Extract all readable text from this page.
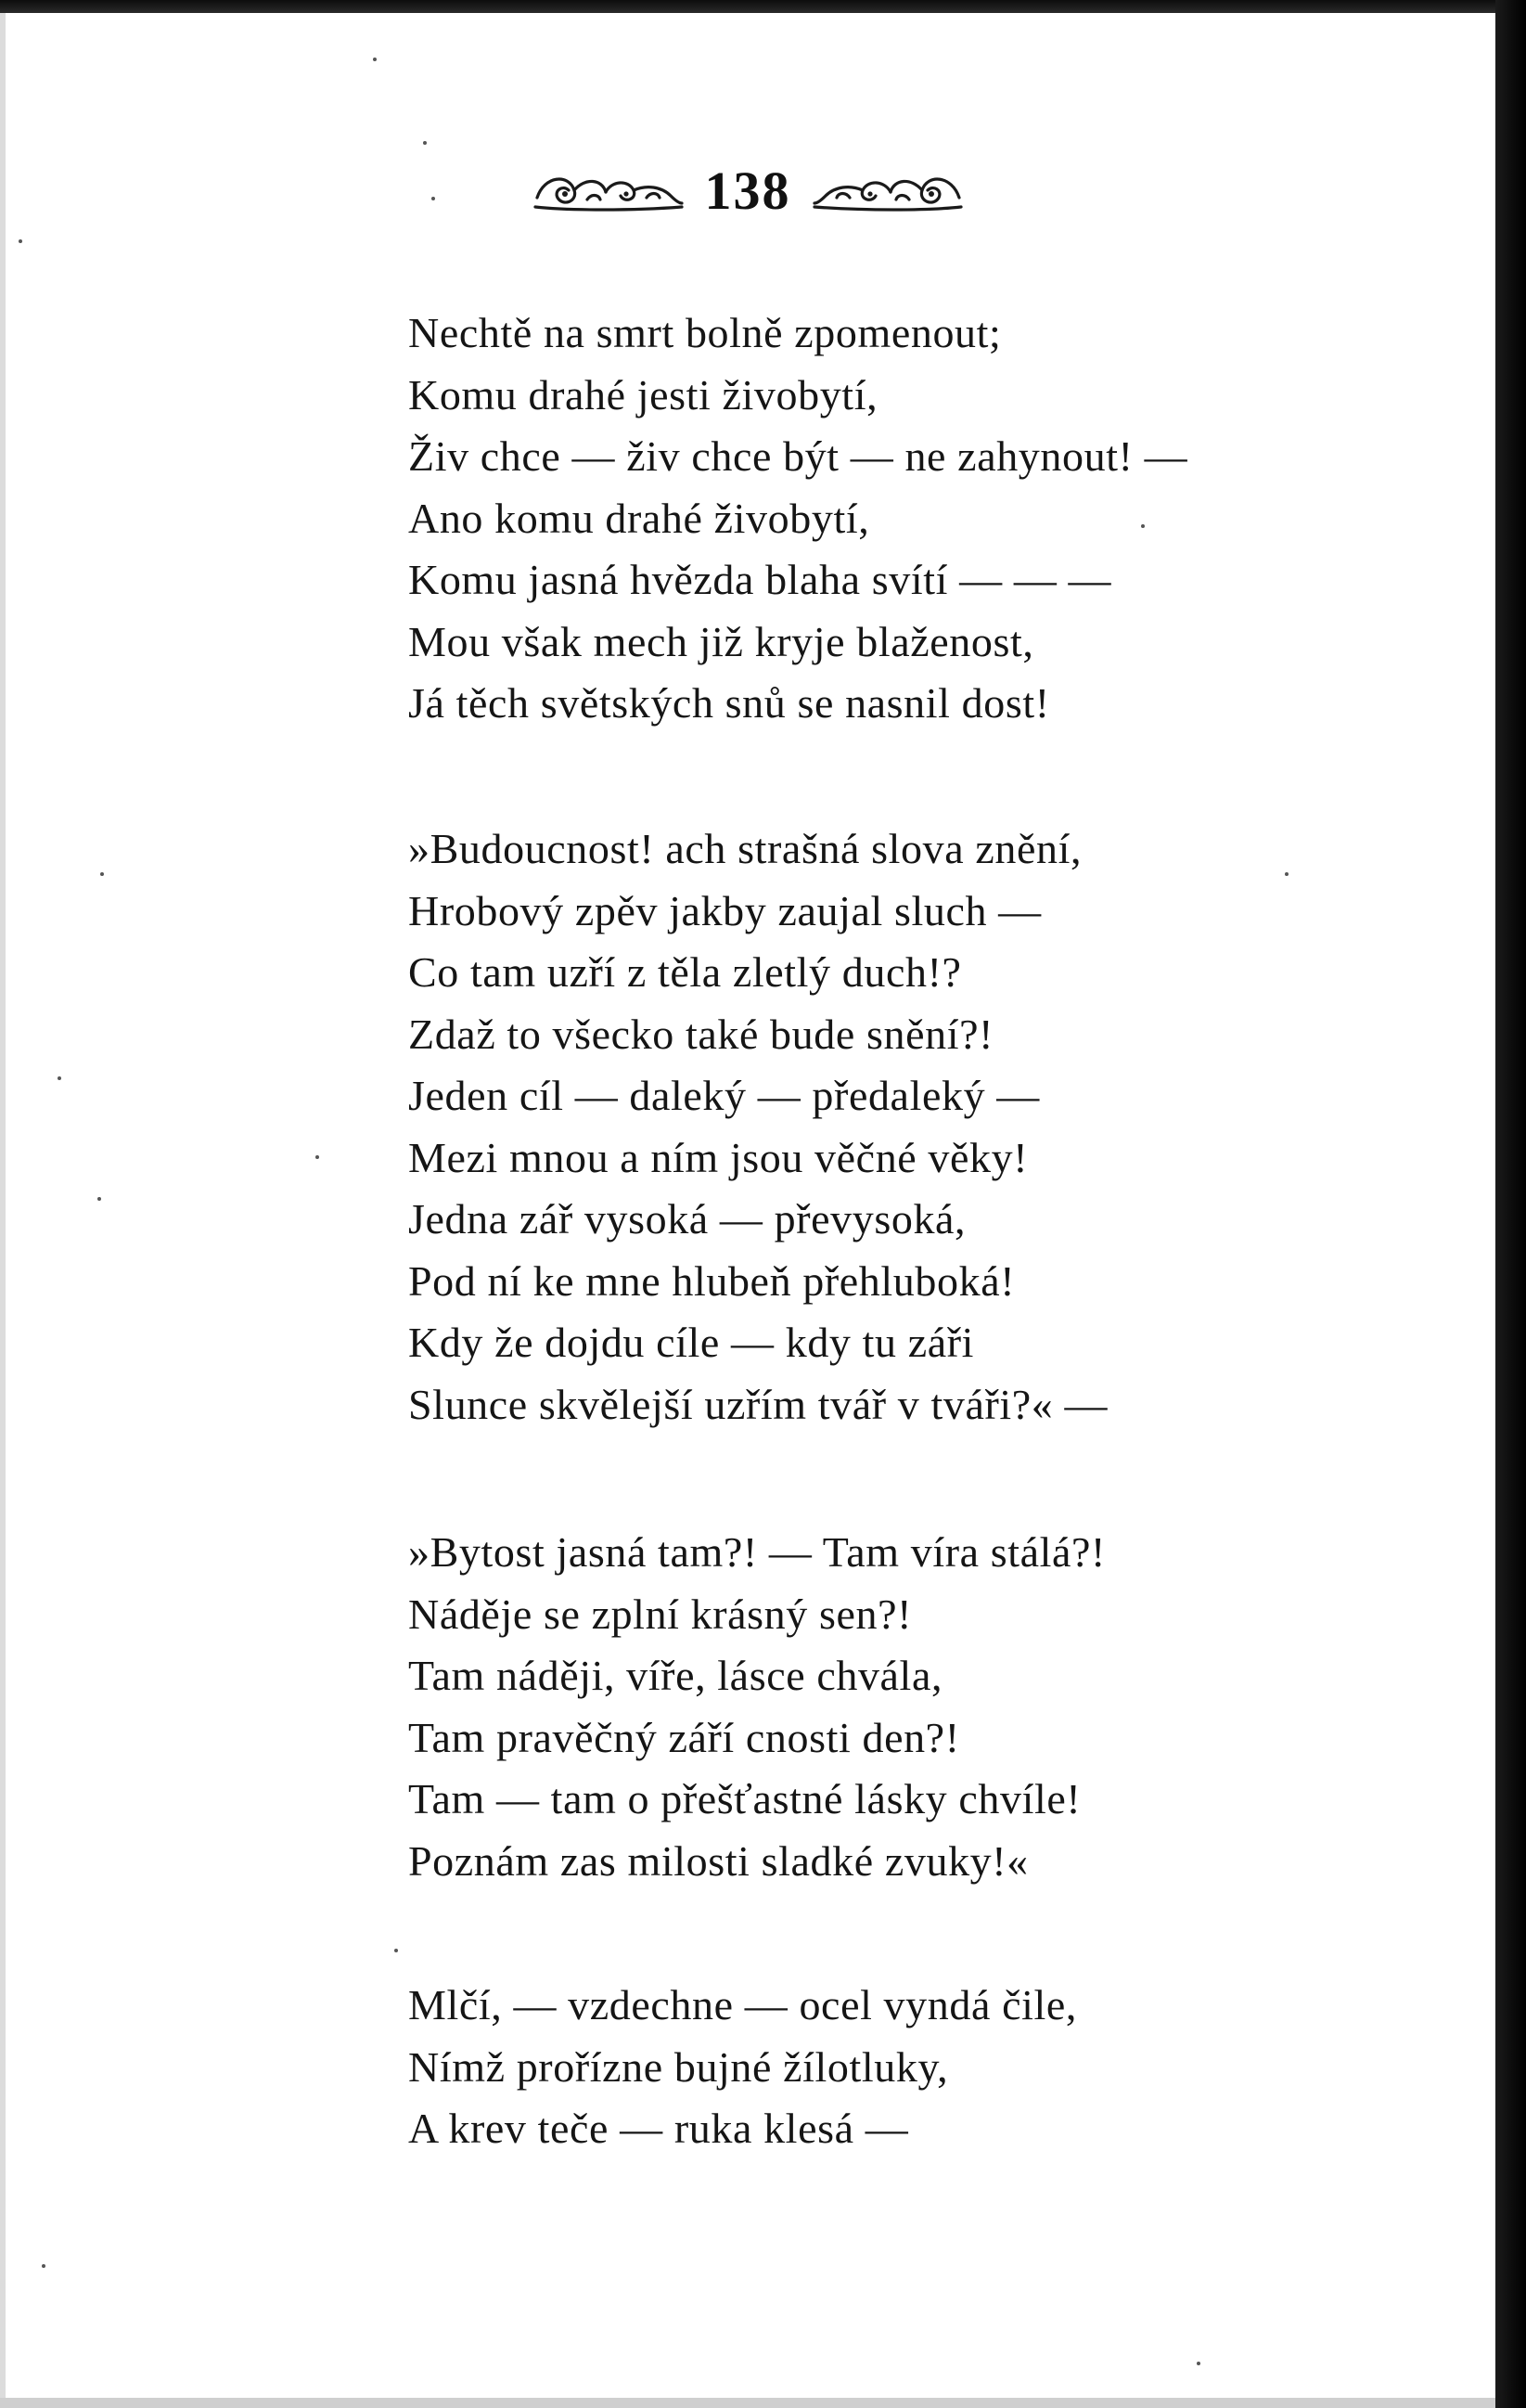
138
Nechtě na smrt bolně zpomenout;
Komu drahé jesti živobytí,
Živ chce — živ chce být — ne zahynout! —
Ano komu drahé živobytí,
Komu jasná hvězda blaha svítí — — —
Mou však mech již kryje blaženost,
Já těch světských snů se nasnil dost!
»Budoucnost! ach strašná slova znění,
Hrobový zpěv jakby zaujal sluch —
Co tam uzří z těla zletlý duch!?
Zdaž to všecko také bude snění?!
Jeden cíl — daleký — předaleký —
Mezi mnou a ním jsou věčné věky!
Jedna zář vysoká — převysoká,
Pod ní ke mne hlubeň přehluboká!
Kdy že dojdu cíle — kdy tu záři
Slunce skvělejší uzřím tvář v tváři?« —
»Bytost jasná tam?! — Tam víra stálá?!
Náděje se zplní krásný sen?!
Tam náději, víře, lásce chvála,
Tam pravěčný září cnosti den?!
Tam — tam o přešťastné lásky chvíle!
Poznám zas milosti sladké zvuky!«
Mlčí, — vzdechne — ocel vyndá čile,
Nímž prořízne bujné žílotluky,
A krev teče — ruka klesá —
